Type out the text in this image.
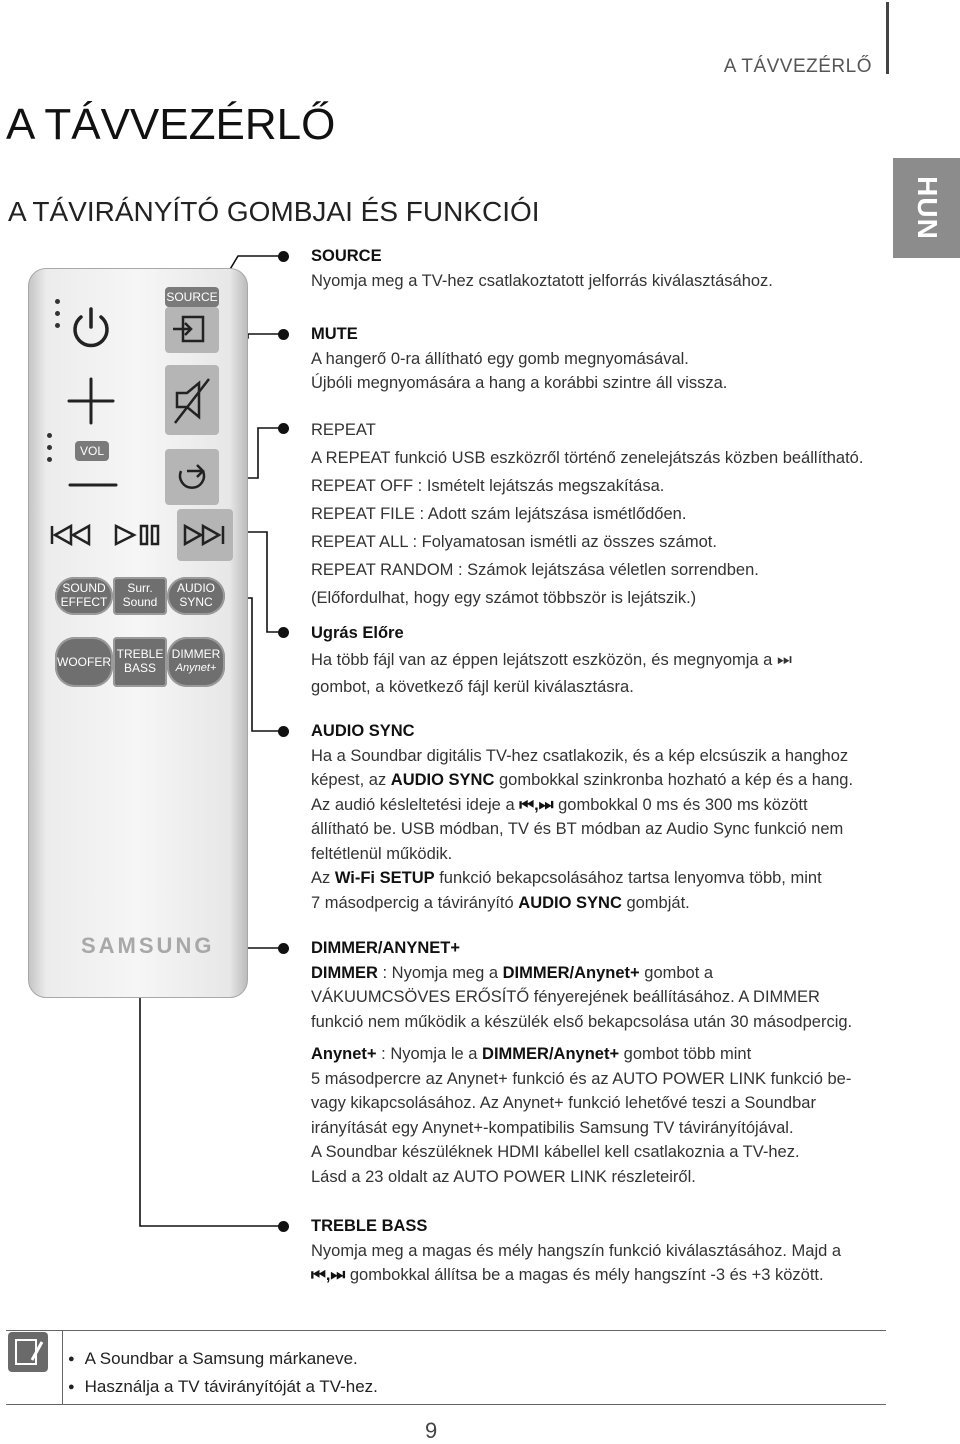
A TÁVVEZÉRLŐ
A TÁVVEZÉRLŐ
A TÁVIRÁNYÍTÓ GOMBJAI ÉS FUNKCIÓI	HUN
SOURCE
VOL
SOUND
EFFECT
Surr.
Sound
AUDIO
SYNC
WOOFER
TREBLE
BASS
DIMMER
Anynet+
SAMSUNG
SOURCE
Nyomja meg a TV-hez csatlakoztatott jelforrás kiválasztásához.
MUTE
A hangerő 0-ra állítható egy gomb megnyomásával.
Újbóli megnyomására a hang a korábbi szintre áll vissza.
REPEAT
A REPEAT funkció USB eszközről történő zenelejátszás közben beállítható.
REPEAT OFF : Ismételt lejátszás megszakítása.
REPEAT FILE : Adott szám lejátszása ismétlődően.
REPEAT ALL : Folyamatosan ismétli az összes számot.
REPEAT RANDOM : Számok lejátszása véletlen sorrendben.
(Előfordulhat, hogy egy számot többször is lejátszik.)
Ugrás Előre
Ha több fájl van az éppen lejátszott eszközön, és megnyomja a ⏭
gombot, a következő fájl kerül kiválasztásra.
AUDIO SYNC
Ha a Soundbar digitális TV-hez csatlakozik, és a kép elcsúszik a hanghoz
képest, az AUDIO SYNC gombokkal szinkronba hozható a kép és a hang.
Az audió késleltetési ideje a ⏮,⏭ gombokkal 0 ms és 300 ms között
állítható be. USB módban, TV és BT módban az Audio Sync funkció nem
feltétlenül működik.
Az Wi-Fi SETUP funkció bekapcsolásához tartsa lenyomva több, mint
7 másodpercig a távirányító AUDIO SYNC gombját.
DIMMER/ANYNET+
DIMMER : Nyomja meg a DIMMER/Anynet+ gombot a
VÁKUUMCSÖVES ERŐSÍTŐ fényerejének beállításához. A DIMMER
funkció nem működik a készülék első bekapcsolása után 30 másodpercig.
Anynet+ : Nyomja le a DIMMER/Anynet+ gombot több mint
5 másodpercre az Anynet+ funkció és az AUTO POWER LINK funkció be-
vagy kikapcsolásához. Az Anynet+ funkció lehetővé teszi a Soundbar
irányítását egy Anynet+-kompatibilis Samsung TV távirányítójával.
A Soundbar készüléknek HDMI kábellel kell csatlakoznia a TV-hez.
Lásd a 23 oldalt az AUTO POWER LINK részleteiről.
TREBLE BASS
Nyomja meg a magas és mély hangszín funkció kiválasztásához. Majd a
⏮,⏭ gombokkal állítsa be a magas és mély hangszínt -3 és +3 között.
● A Soundbar a Samsung márkaneve.
● Használja a TV távirányítóját a TV-hez.
9
